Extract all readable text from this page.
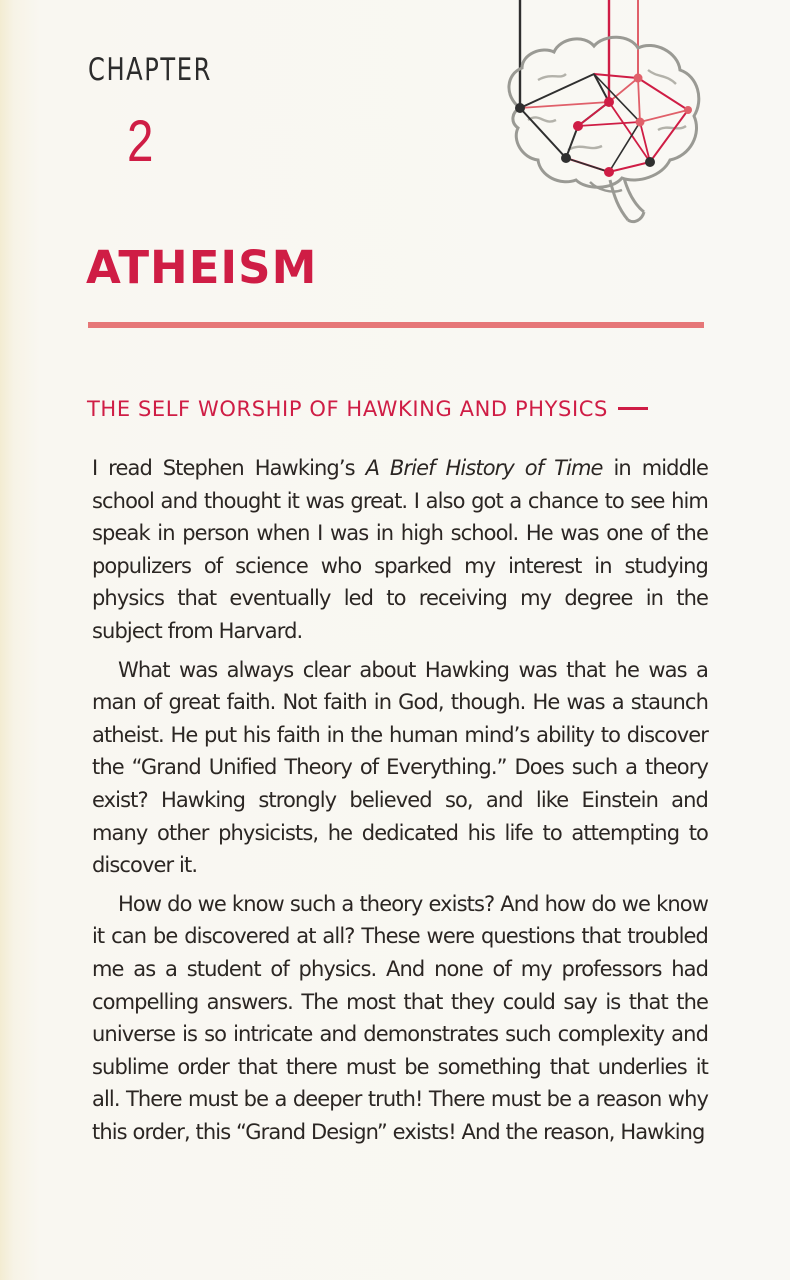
CHAPTER
2
ATHEISM
THE SELF WORSHIP OF HAWKING AND PHYSICS

I read Stephen Hawking’s A Brief History of Time in middle school and thought it was great. I also got a chance to see him speak in person when I was in high school. He was one of the populizers of science who sparked my interest in studying physics that eventually led to receiving my degree in the subject from Harvard.

What was always clear about Hawking was that he was a man of great faith. Not faith in God, though. He was a staunch atheist. He put his faith in the human mind’s ability to discover the “Grand Unified Theory of Everything.” Does such a theory exist? Hawking strongly believed so, and like Einstein and many other physicists, he dedicated his life to attempting to discover it.

How do we know such a theory exists? And how do we know it can be discovered at all? These were questions that troubled me as a student of physics. And none of my professors had compelling answers. The most that they could say is that the universe is so intricate and demonstrates such complexity and sublime order that there must be something that underlies it all. There must be a deeper truth! There must be a reason why this order, this “Grand Design” exists! And the reason, Hawking
